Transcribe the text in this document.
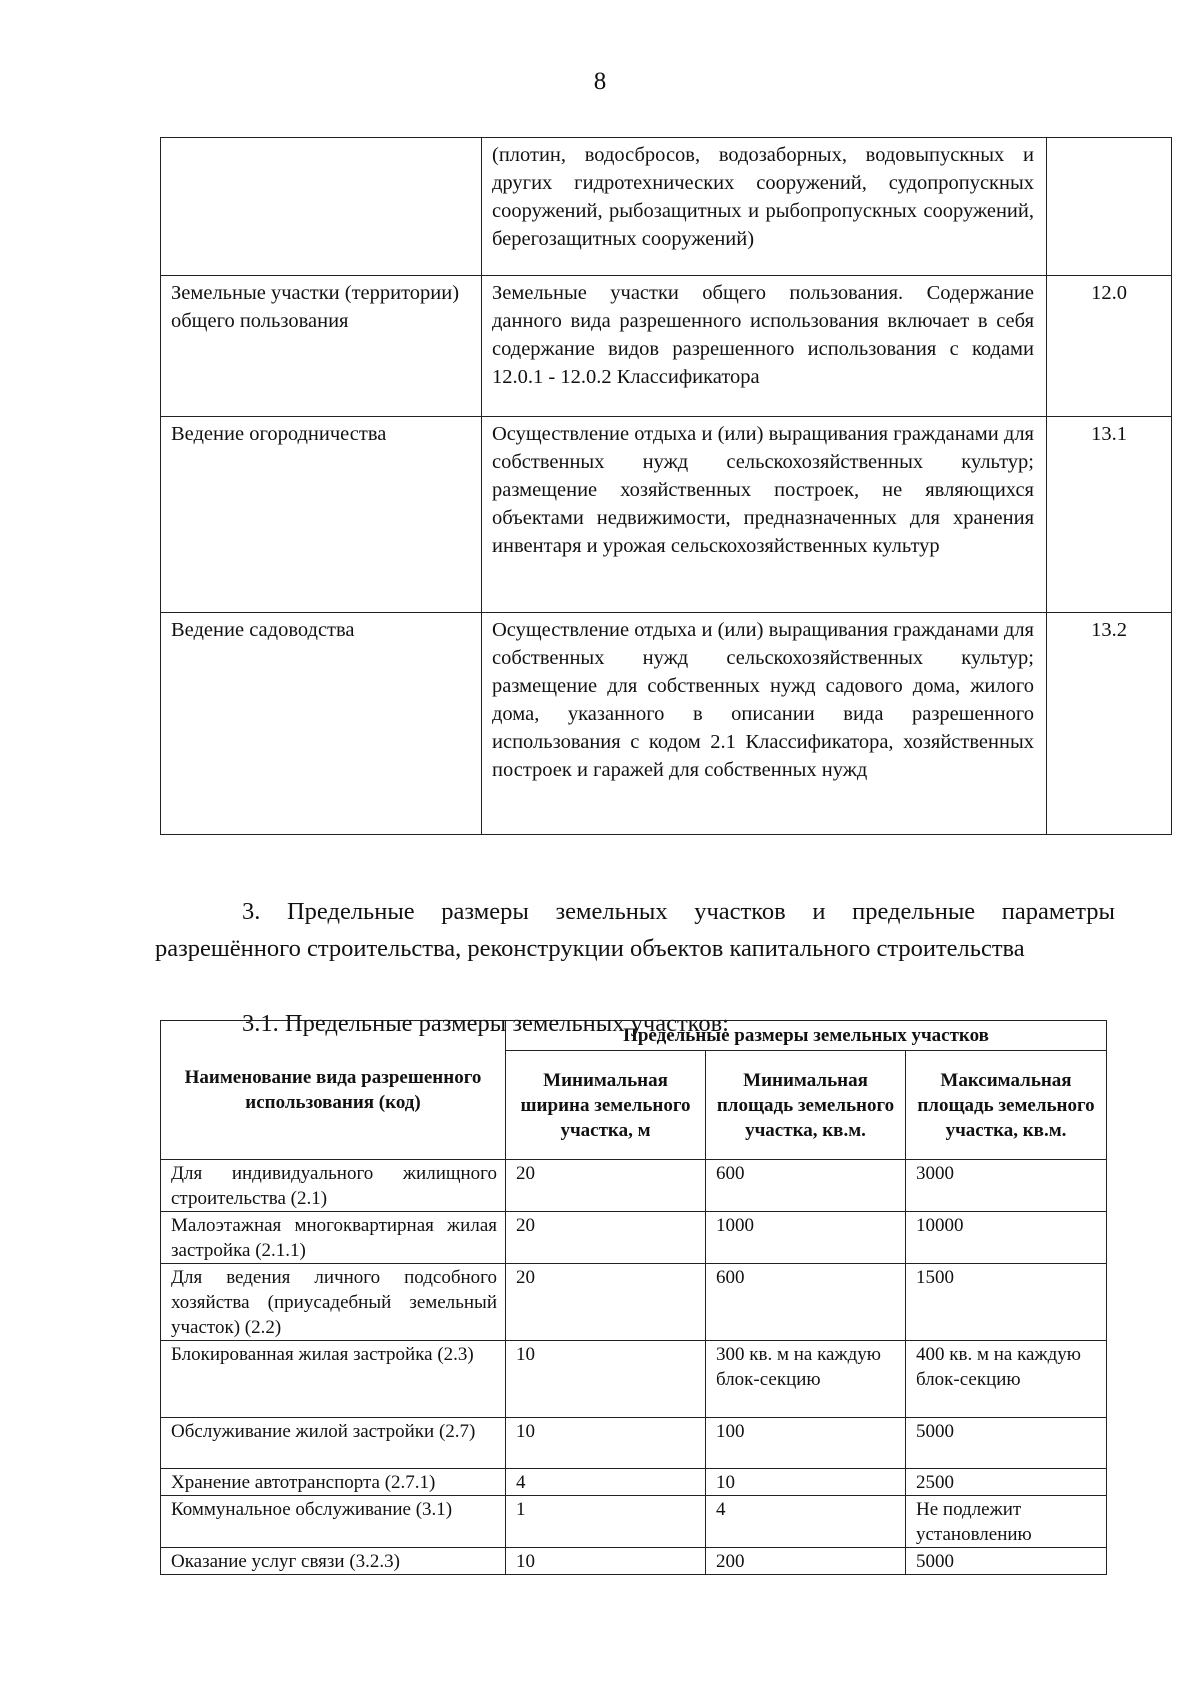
8
	(плотин, водосбросов, водозаборных, водовыпускных и других гидротехнических сооружений, судопропускных сооружений, рыбозащитных и рыбопропускных сооружений, берегозащитных сооружений)	
Земельные участки (территории) общего пользования	Земельные участки общего пользования. Содержание данного вида разрешенного использования включает в себя содержание видов разрешенного использования с кодами 12.0.1 - 12.0.2 Классификатора	12.0
Ведение огородничества	Осуществление отдыха и (или) выращивания гражданами для собственных нужд сельскохозяйственных культур; размещение хозяйственных построек, не являющихся объектами недвижимости, предназначенных для хранения инвентаря и урожая сельскохозяйственных культур	13.1
Ведение садоводства	Осуществление отдыха и (или) выращивания гражданами для собственных нужд сельскохозяйственных культур; размещение для собственных нужд садового дома, жилого дома, указанного в описании вида разрешенного использования с кодом 2.1 Классификатора, хозяйственных построек и гаражей для собственных нужд	13.2

3. Предельные размеры земельных участков и предельные параметры разрешённого строительства, реконструкции объектов капитального строительства

3.1. Предельные размеры земельных участков:

Наименование вида разрешенного использования (код)	Предельные размеры земельных участков		
	Минимальная ширина земельного участка, м	Минимальная площадь земельного участка, кв.м.	Максимальная площадь земельного участка, кв.м.
Для индивидуального жилищного строительства (2.1)	20	600	3000
Малоэтажная многоквартирная жилая застройка (2.1.1)	20	1000	10000
Для ведения личного подсобного хозяйства (приусадебный земельный участок) (2.2)	20	600	1500
Блокированная жилая застройка (2.3)	10	300 кв. м на каждую блок-секцию	400 кв. м на каждую блок-секцию
Обслуживание жилой застройки (2.7)	10	100	5000
Хранение автотранспорта (2.7.1)	4	10	2500
Коммунальное обслуживание (3.1)	1	4	Не подлежит установлению
Оказание услуг связи (3.2.3)	10	200	5000
